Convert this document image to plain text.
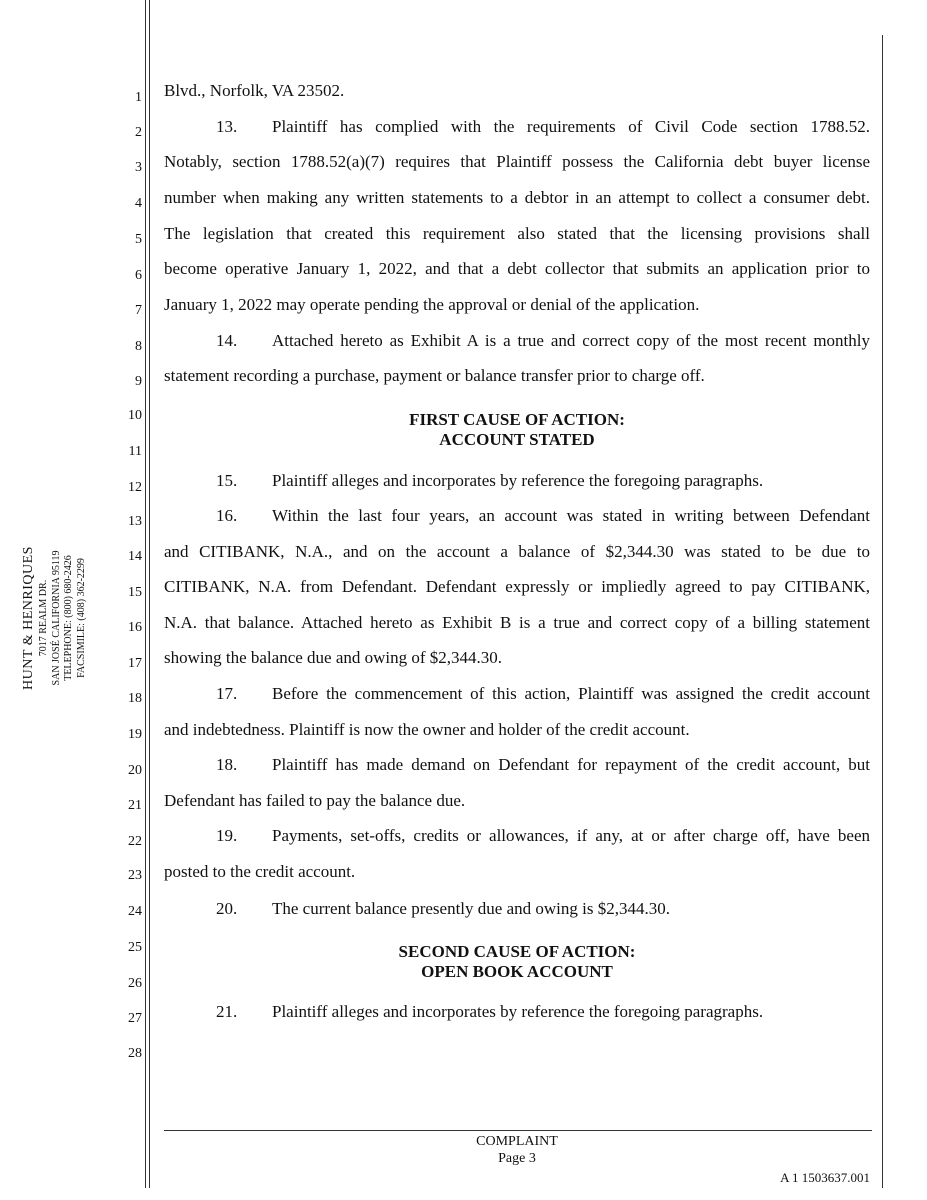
HUNT & HENRIQUES 7017 REALM DR. SAN JOSÉ CALIFORNIA 95119 TELEPHONE: (800) 680-2426 FACSIMILE: (408) 362-2299
1
2
3
4
5
6
7
8
9
10
11
12
13
14
15
16
17
18
19
20
21
22
23
24
25
26
27
28
Blvd., Norfolk, VA 23502.
13. Plaintiff has complied with the requirements of Civil Code section 1788.52.
Notably, section 1788.52(a)(7) requires that Plaintiff possess the California debt buyer license
number when making any written statements to a debtor in an attempt to collect a consumer debt.
The legislation that created this requirement also stated that the licensing provisions shall
become operative January 1, 2022, and that a debt collector that submits an application prior to
January 1, 2022 may operate pending the approval or denial of the application.
14. Attached hereto as Exhibit A is a true and correct copy of the most recent monthly
statement recording a purchase, payment or balance transfer prior to charge off.
FIRST CAUSE OF ACTION:
ACCOUNT STATED
15. Plaintiff alleges and incorporates by reference the foregoing paragraphs.
16. Within the last four years, an account was stated in writing between Defendant
and CITIBANK, N.A., and on the account a balance of $2,344.30 was stated to be due to
CITIBANK, N.A. from Defendant. Defendant expressly or impliedly agreed to pay CITIBANK,
N.A. that balance. Attached hereto as Exhibit B is a true and correct copy of a billing statement
showing the balance due and owing of $2,344.30.
17. Before the commencement of this action, Plaintiff was assigned the credit account
and indebtedness. Plaintiff is now the owner and holder of the credit account.
18. Plaintiff has made demand on Defendant for repayment of the credit account, but
Defendant has failed to pay the balance due.
19. Payments, set-offs, credits or allowances, if any, at or after charge off, have been
posted to the credit account.
20. The current balance presently due and owing is $2,344.30.
SECOND CAUSE OF ACTION:
OPEN BOOK ACCOUNT
21. Plaintiff alleges and incorporates by reference the foregoing paragraphs.
COMPLAINT
Page 3
A 1 1503637.001
